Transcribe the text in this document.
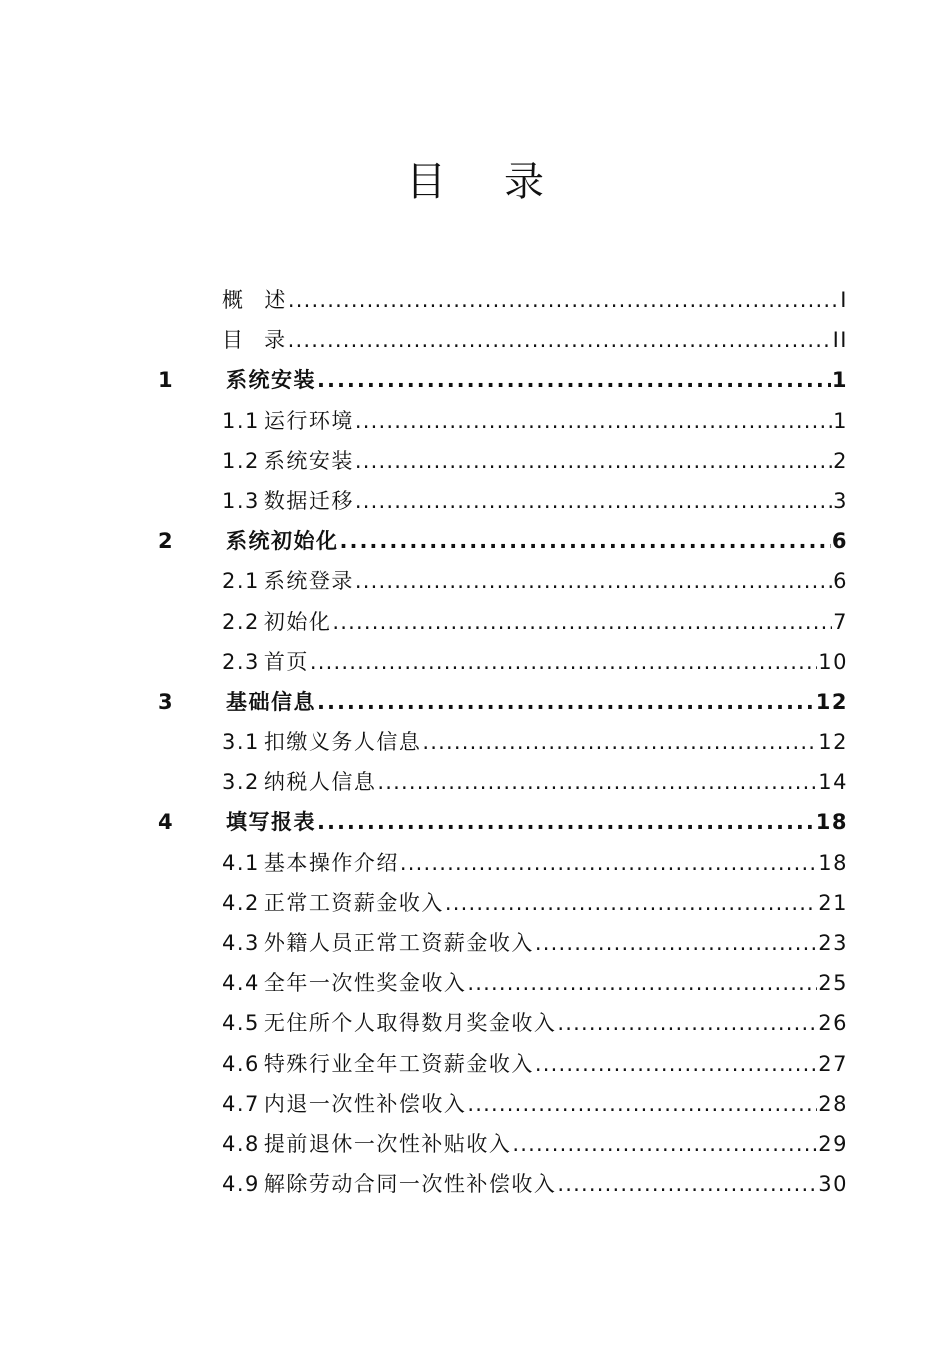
目 录
概 述 .....	I
目 录 .....	II
1 系统安装 .....	1
1.1 运行环境 .....	1
1.2 系统安装 .....	2
1.3 数据迁移 .....	3
2 系统初始化 .....	6
2.1 系统登录 .....	6
2.2 初始化 .....	7
2.3 首页 .....	10
3 基础信息 .....	12
3.1 扣缴义务人信息 .....	12
3.2 纳税人信息 .....	14
4 填写报表 .....	18
4.1 基本操作介绍 .....	18
4.2 正常工资薪金收入 .....	21
4.3 外籍人员正常工资薪金收入 .....	23
4.4 全年一次性奖金收入 .....	25
4.5 无住所个人取得数月奖金收入 .....	26
4.6 特殊行业全年工资薪金收入 .....	27
4.7 内退一次性补偿收入 .....	28
4.8 提前退休一次性补贴收入 .....	29
4.9 解除劳动合同一次性补偿收入 .....	30
